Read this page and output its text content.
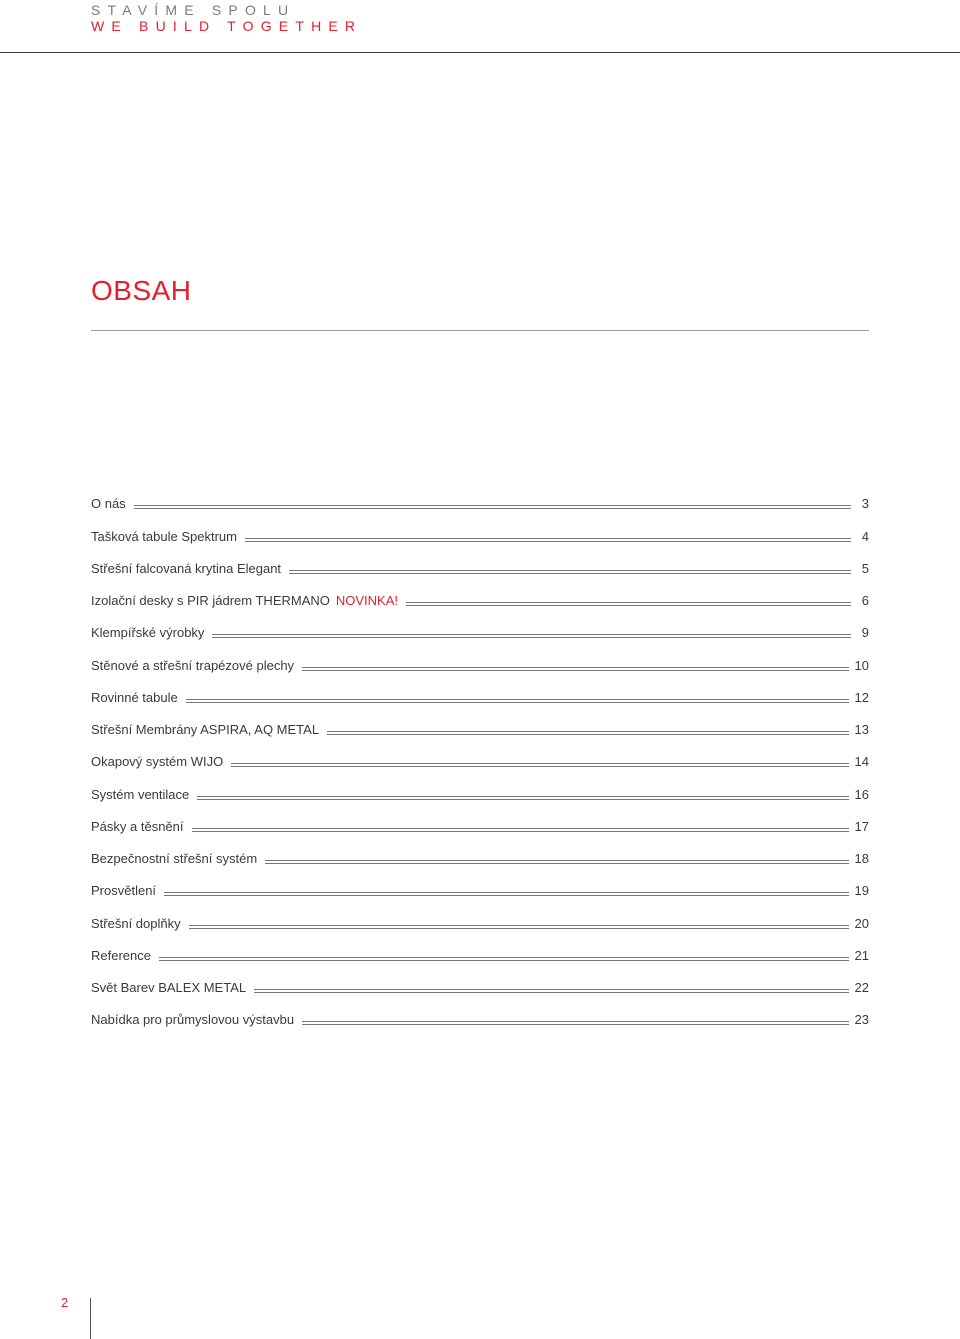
STAVÍME SPOLU
WE BUILD TOGETHER
OBSAH
O nás	3
Tašková tabule Spektrum	4
Střešní falcovaná krytina Elegant	5
Izolační desky s PIR jádrem THERMANO NOVINKA!	6
Klempířské výrobky	9
Stěnové a střešní trapézové plechy	10
Rovinné tabule	12
Střešní Membrány ASPIRA, AQ METAL	13
Okapový systém WIJO	14
Systém ventilace	16
Pásky a těsnění	17
Bezpečnostní střešní systém	18
Prosvětlení	19
Střešní doplňky	20
Reference	21
Svět Barev BALEX METAL	22
Nabídka pro průmyslovou výstavbu	23
2
